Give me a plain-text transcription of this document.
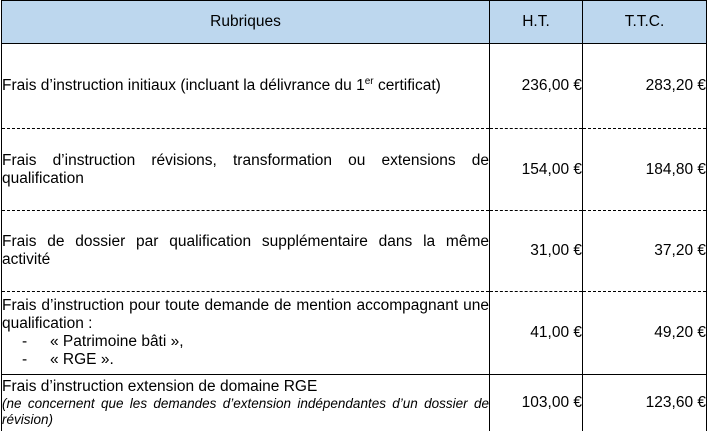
Rubriques	H.T.	T.T.C.
Frais d’instruction initiaux (incluant la délivrance du 1er certificat)	236,00 €	283,20 €
Frais d’instruction révisions, transformation ou extensions de qualification	154,00 €	184,80 €
Frais de dossier par qualification supplémentaire dans la même activité	31,00 €	37,20 €

Frais d’instruction pour toute demande de mention accompagnant une qualification :
- « Patrimoine bâti »,
- « RGE ».	41,00 €	49,20 €

Frais d’instruction extension de domaine RGE
(ne concernent que les demandes d’extension indépendantes d’un dossier de révision)	103,00 €	123,60 €
